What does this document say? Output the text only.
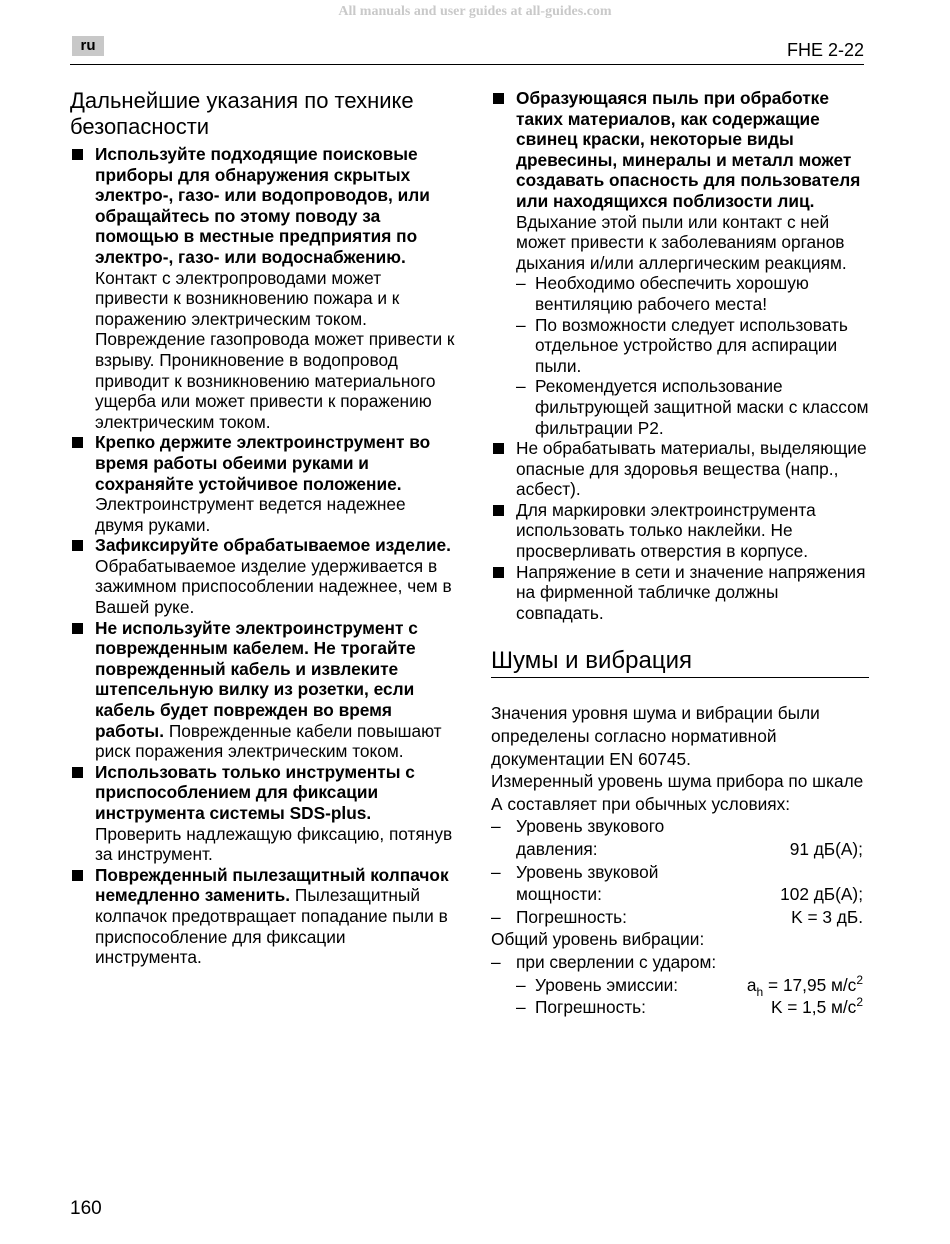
All manuals and user guides at all-guides.com
ru	FHE 2-22
Дальнейшие указания по технике безопасности
Используйте подходящие поисковые приборы для обнаружения скрытых электро-, газо- или водопроводов, или обращайтесь по этому поводу за помощью в местные предприятия по электро-, газо- или водоснабжению. Контакт с электропроводами может привести к возникновению пожара и к поражению электрическим током. Повреждение газопровода может привести к взрыву. Проникновение в водопровод приводит к возникновению материального ущерба или может привести к поражению электрическим током.
Крепко держите электроинструмент во время работы обеими руками и сохраняйте устойчивое положение. Электроинструмент ведется надежнее двумя руками.
Зафиксируйте обрабатываемое изделие. Обрабатываемое изделие удерживается в зажимном приспособлении надежнее, чем в Вашей руке.
Не используйте электроинструмент с поврежденным кабелем. Не трогайте поврежденный кабель и извлеките штепсельную вилку из розетки, если кабель будет поврежден во время работы. Поврежденные кабели повышают риск поражения электрическим током.
Использовать только инструменты с приспособлением для фиксации инструмента системы SDS-plus. Проверить надлежащую фиксацию, потянув за инструмент.
Поврежденный пылезащитный колпачок немедленно заменить. Пылезащитный колпачок предотвращает попадание пыли в приспособление для фиксации инструмента.
Образующаяся пыль при обработке таких материалов, как содержащие свинец краски, некоторые виды древесины, минералы и металл может создавать опасность для пользователя или находящихся поблизости лиц. Вдыхание этой пыли или контакт с ней может привести к заболеваниям органов дыхания и/или аллергическим реакциям.
– Необходимо обеспечить хорошую вентиляцию рабочего места!
– По возможности следует использовать отдельное устройство для аспирации пыли.
– Рекомендуется использование фильтрующей защитной маски с классом фильтрации P2.
Не обрабатывать материалы, выделяющие опасные для здоровья вещества (напр., асбест).
Для маркировки электроинструмента использовать только наклейки. Не просверливать отверстия в корпусе.
Напряжение в сети и значение напряжения на фирменной табличке должны совпадать.
Шумы и вибрация
Значения уровня шума и вибрации были определены согласно нормативной документации EN 60745.
Измеренный уровень шума прибора по шкале А составляет при обычных условиях:
– Уровень звукового давления:	91 дБ(А);
– Уровень звуковой мощности:	102 дБ(А);
– Погрешность:	K = 3 дБ.
Общий уровень вибрации:
– при сверлении с ударом:
– Уровень эмиссии:	$a_h = 17,95$ $м/с^2$
– Погрешность:	K = 1,5 $м/с^2$
160
